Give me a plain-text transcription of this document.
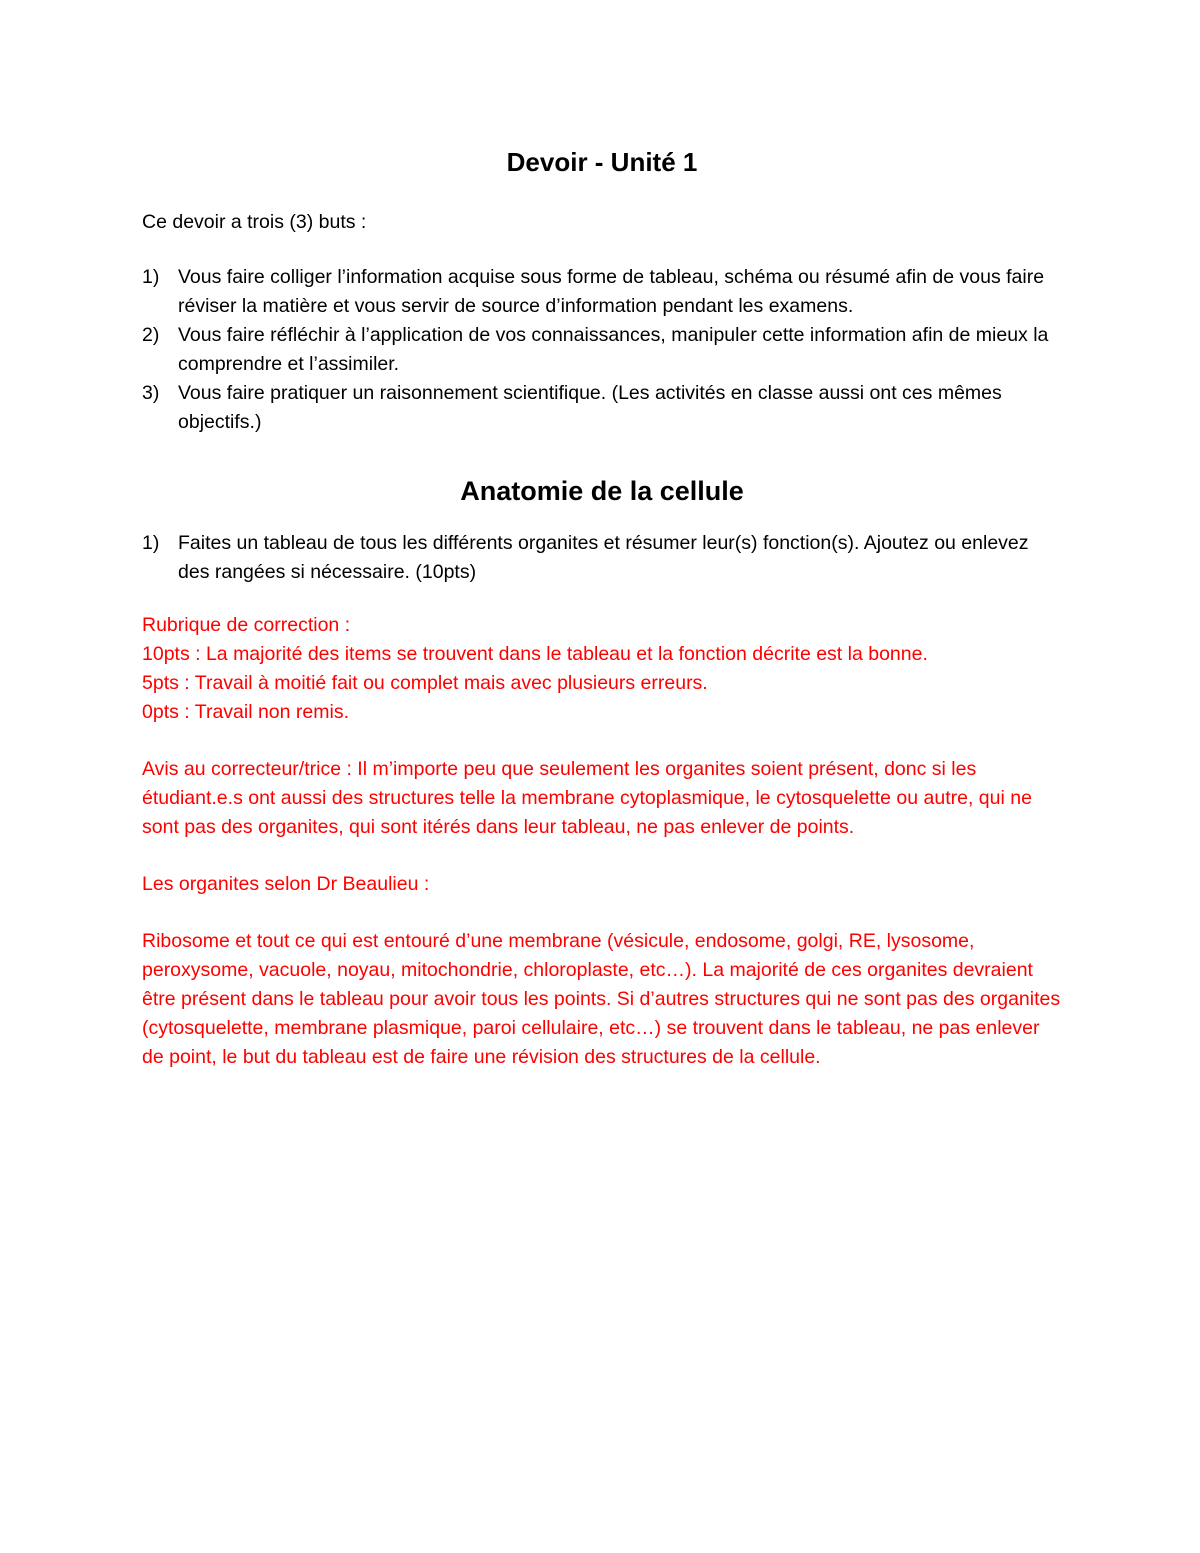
Devoir - Unité 1

Ce devoir a trois (3) buts :

1) Vous faire colliger l’information acquise sous forme de tableau, schéma ou résumé afin de vous faire réviser la matière et vous servir de source d’information pendant les examens.
2) Vous faire réfléchir à l’application de vos connaissances, manipuler cette information afin de mieux la comprendre et l’assimiler.
3) Vous faire pratiquer un raisonnement scientifique. (Les activités en classe aussi ont ces mêmes objectifs.)
Anatomie de la cellule
1) Faites un tableau de tous les différents organites et résumer leur(s) fonction(s). Ajoutez ou enlevez des rangées si nécessaire. (10pts)

Rubrique de correction :

10pts : La majorité des items se trouvent dans le tableau et la fonction décrite est la bonne.

5pts : Travail à moitié fait ou complet mais avec plusieurs erreurs.

0pts : Travail non remis.

Avis au correcteur/trice : Il m’importe peu que seulement les organites soient présent, donc si les étudiant.e.s ont aussi des structures telle la membrane cytoplasmique, le cytosquelette ou autre, qui ne sont pas des organites, qui sont itérés dans leur tableau, ne pas enlever de points.

Les organites selon Dr Beaulieu :

Ribosome et tout ce qui est entouré d’une membrane (vésicule, endosome, golgi, RE, lysosome, peroxysome, vacuole, noyau, mitochondrie, chloroplaste, etc…). La majorité de ces organites devraient être présent dans le tableau pour avoir tous les points. Si d’autres structures qui ne sont pas des organites (cytosquelette, membrane plasmique, paroi cellulaire, etc…) se trouvent dans le tableau, ne pas enlever de point, le but du tableau est de faire une révision des structures de la cellule.
